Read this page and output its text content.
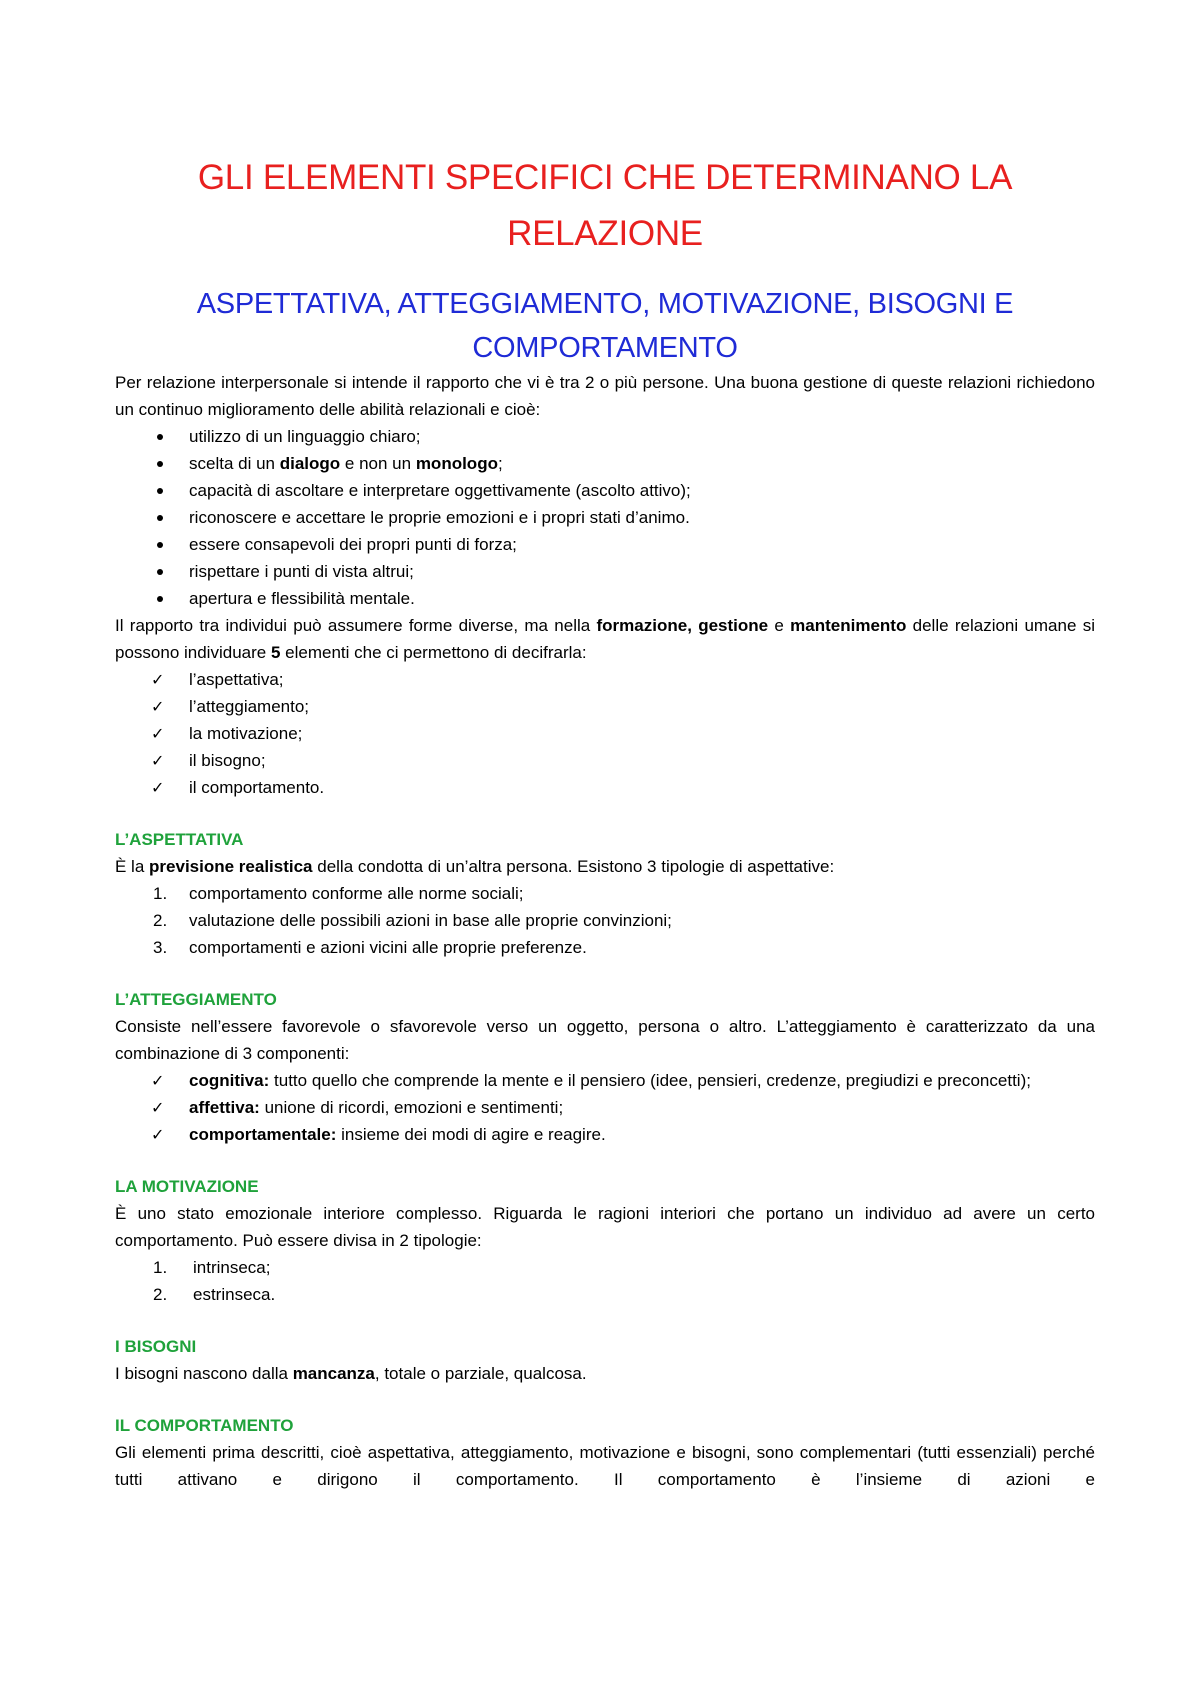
GLI ELEMENTI SPECIFICI CHE DETERMINANO LA RELAZIONE
ASPETTATIVA, ATTEGGIAMENTO, MOTIVAZIONE, BISOGNI E COMPORTAMENTO

Per relazione interpersonale si intende il rapporto che vi è tra 2 o più persone. Una buona gestione di queste relazioni richiedono un continuo miglioramento delle abilità relazionali e cioè:

utilizzo di un linguaggio chiaro;
scelta di un dialogo e non un monologo;
capacità di ascoltare e interpretare oggettivamente (ascolto attivo);
riconoscere e accettare le proprie emozioni e i propri stati d’animo.
essere consapevoli dei propri punti di forza;
rispettare i punti di vista altrui;
apertura e flessibilità mentale.

Il rapporto tra individui può assumere forme diverse, ma nella formazione, gestione e mantenimento delle relazioni umane si possono individuare 5 elementi che ci permettono di decifrarla:

✓ l’aspettativa;
✓ l’atteggiamento;
✓ la motivazione;
✓ il bisogno;
✓ il comportamento.
L’ASPETTATIVA

È la previsione realistica della condotta di un’altra persona. Esistono 3 tipologie di aspettative:

1. comportamento conforme alle norme sociali;
2. valutazione delle possibili azioni in base alle proprie convinzioni;
3. comportamenti e azioni vicini alle proprie preferenze.
L’ATTEGGIAMENTO

Consiste nell’essere favorevole o sfavorevole verso un oggetto, persona o altro. L’atteggiamento è caratterizzato da una combinazione di 3 componenti:

✓ cognitiva: tutto quello che comprende la mente e il pensiero (idee, pensieri, credenze, pregiudizi e preconcetti);
✓ affettiva: unione di ricordi, emozioni e sentimenti;
✓ comportamentale: insieme dei modi di agire e reagire.
LA MOTIVAZIONE

È uno stato emozionale interiore complesso. Riguarda le ragioni interiori che portano un individuo ad avere un certo comportamento. Può essere divisa in 2 tipologie:

1. intrinseca;
2. estrinseca.
I BISOGNI

I bisogni nascono dalla mancanza, totale o parziale, qualcosa.

IL COMPORTAMENTO

Gli elementi prima descritti, cioè aspettativa, atteggiamento, motivazione e bisogni, sono complementari (tutti essenziali) perché tutti attivano e dirigono il comportamento. Il comportamento è l’insieme di azioni e
